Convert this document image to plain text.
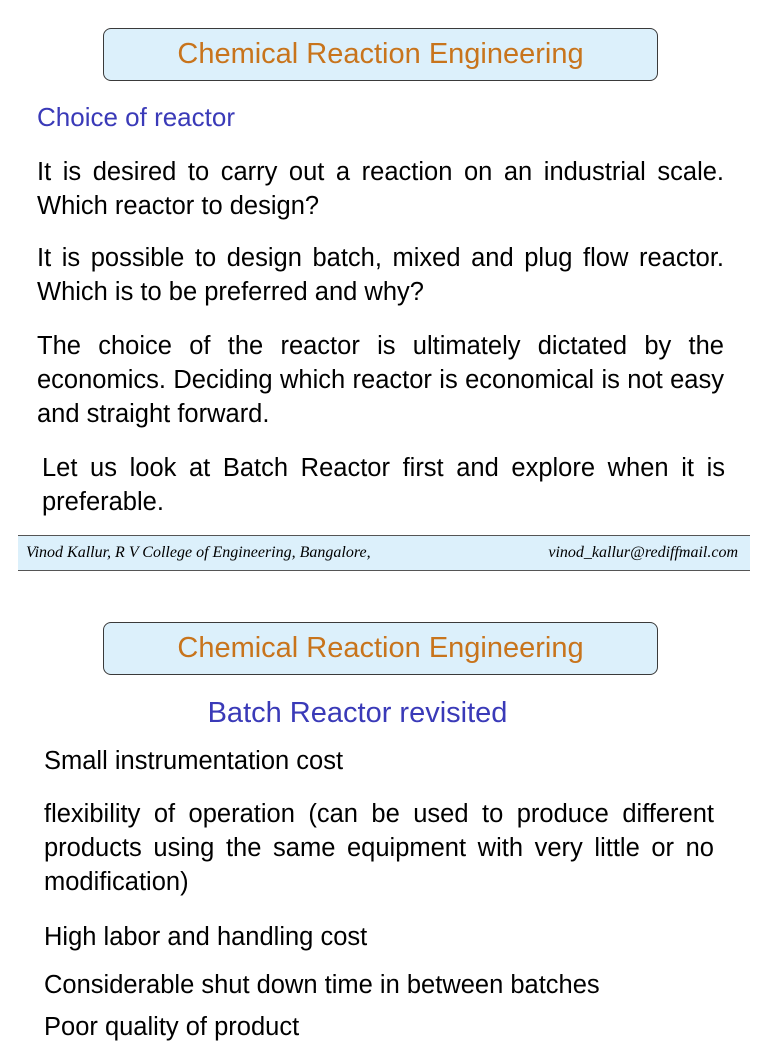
Chemical Reaction Engineering
Choice of reactor

It is desired to carry out a reaction on an industrial scale. Which reactor to design?

It is possible to design batch, mixed and plug flow reactor. Which is to be preferred and why?

The choice of the reactor is ultimately dictated by the economics. Deciding which reactor is economical is not easy and straight forward.

Let us look at Batch Reactor first and explore when it is preferable.

Vinod Kallur, R V College of Engineering, Bangalore,	vinod_kallur@rediffmail.com
Chemical Reaction Engineering
Batch Reactor revisited

Small instrumentation cost

flexibility of operation (can be used to produce different products using the same equipment with very little or no modification)

High labor and handling cost

Considerable shut down time in between batches

Poor quality of product
